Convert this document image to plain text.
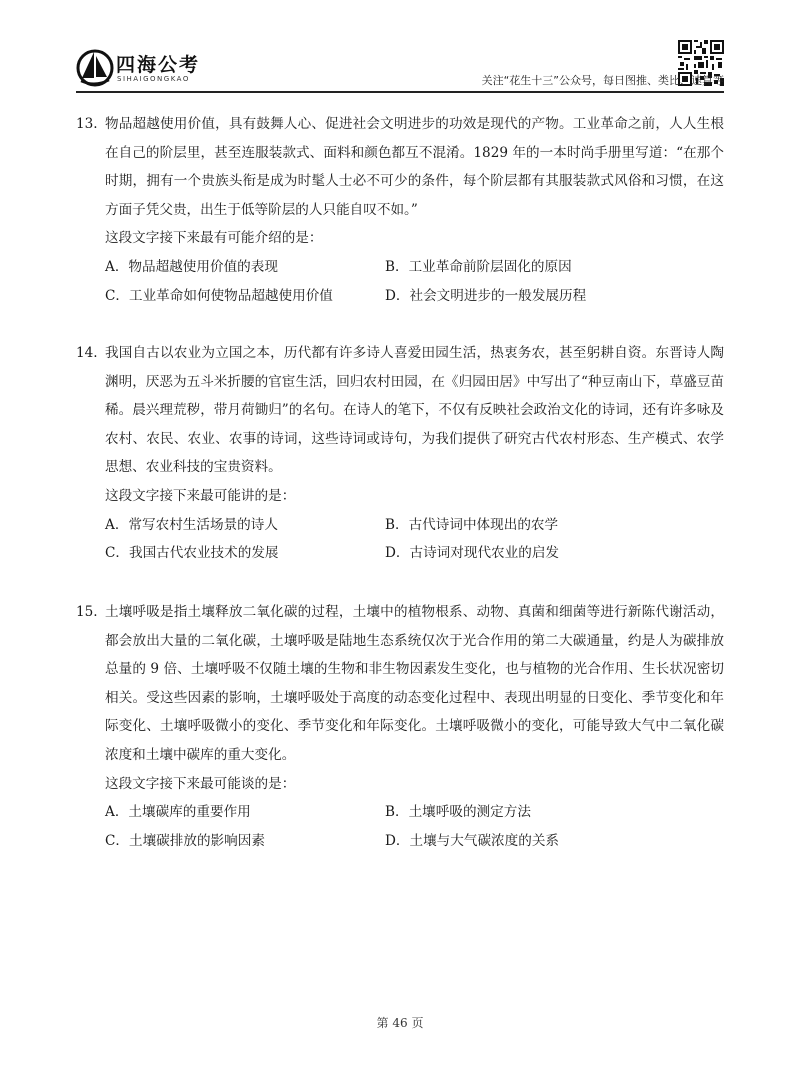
四海公考
SIHAIGONGKAO	关注“花生十三”公众号，每日图推、类比、速算等
13. 物品超越使用价值，具有鼓舞人心、促进社会文明进步的功效是现代的产物。工业革命之前，人人生根在自己的阶层里，甚至连服装款式、面料和颜色都互不混淆。1829 年的一本时尚手册里写道：“在那个时期，拥有一个贵族头衔是成为时髦人士必不可少的条件，每个阶层都有其服装款式风俗和习惯，在这方面子凭父贵，出生于低等阶层的人只能自叹不如。”
这段文字接下来最有可能介绍的是：
A．物品超越使用价值的表现	B．工业革命前阶层固化的原因
C．工业革命如何使物品超越使用价值	D．社会文明进步的一般发展历程
14. 我国自古以农业为立国之本，历代都有许多诗人喜爱田园生活，热衷务农，甚至躬耕自资。东晋诗人陶渊明，厌恶为五斗米折腰的官宦生活，回归农村田园，在《归园田居》中写出了“种豆南山下，草盛豆苗稀。晨兴理荒秽，带月荷锄归”的名句。在诗人的笔下，不仅有反映社会政治文化的诗词，还有许多咏及农村、农民、农业、农事的诗词，这些诗词或诗句，为我们提供了研究古代农村形态、生产模式、农学思想、农业科技的宝贵资料。
这段文字接下来最可能讲的是：
A．常写农村生活场景的诗人	B．古代诗词中体现出的农学
C．我国古代农业技术的发展	D．古诗词对现代农业的启发
15. 土壤呼吸是指土壤释放二氧化碳的过程，土壤中的植物根系、动物、真菌和细菌等进行新陈代谢活动，都会放出大量的二氧化碳，土壤呼吸是陆地生态系统仅次于光合作用的第二大碳通量，约是人为碳排放总量的 9 倍、土壤呼吸不仅随土壤的生物和非生物因素发生变化，也与植物的光合作用、生长状况密切相关。受这些因素的影响，土壤呼吸处于高度的动态变化过程中、表现出明显的日变化、季节变化和年际变化、土壤呼吸微小的变化、季节变化和年际变化。土壤呼吸微小的变化，可能导致大气中二氧化碳浓度和土壤中碳库的重大变化。
这段文字接下来最可能谈的是：
A．土壤碳库的重要作用	B．土壤呼吸的测定方法
C．土壤碳排放的影响因素	D．土壤与大气碳浓度的关系
第 46 页
